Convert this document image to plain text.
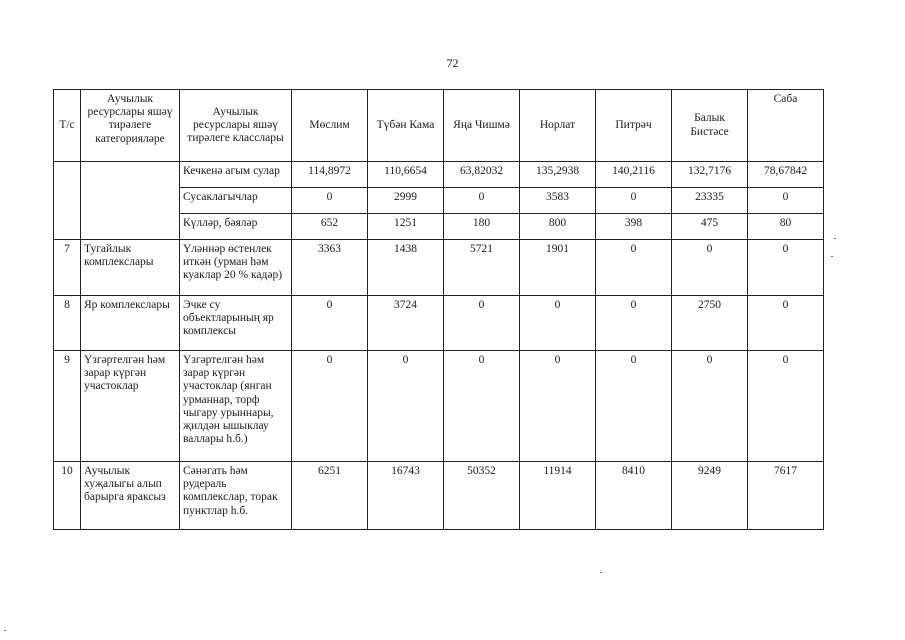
72
Т/с	Аучылык ресурслары яшәү тирәлеге категорияләре	Аучылык ресурслары яшәү тирәлеге класслары	Мөслим	Түбән Кама	Яңа Чишмә	Норлат	Питрәч	Балык Бистәсе	Саба
		Кечкенә агым сулар	114,8972	110,6654	63,82032	135,2938	140,2116	132,7176	78,67842
		Сусаклагычлар	0	2999	0	3583	0	23335	0
		Күлләр, бәяләр	652	1251	180	800	398	475	80
7	Тугайлык комплекслары	Үләннәр өстенлек иткән (урман һәм куаклар 20 % кадәр)	3363	1438	5721	1901	0	0	0
8	Яр комплекслары	Эчке су объектларының яр комплексы	0	3724	0	0	0	2750	0
9	Үзгәртелгән һәм зарар күргән участоклар	Үзгәртелгән һәм зарар күргән участоклар (янган урманнар, торф чыгару урыннары, җилдән ышыклау валлары h.б.)	0	0	0	0	0	0	0
10	Аучылык хуҗалыгы алып барырга яраксыз	Сәнәгать һәм рудераль комплекслар, торак пунктлар h.б.	6251	16743	50352	11914	8410	9249	7617
